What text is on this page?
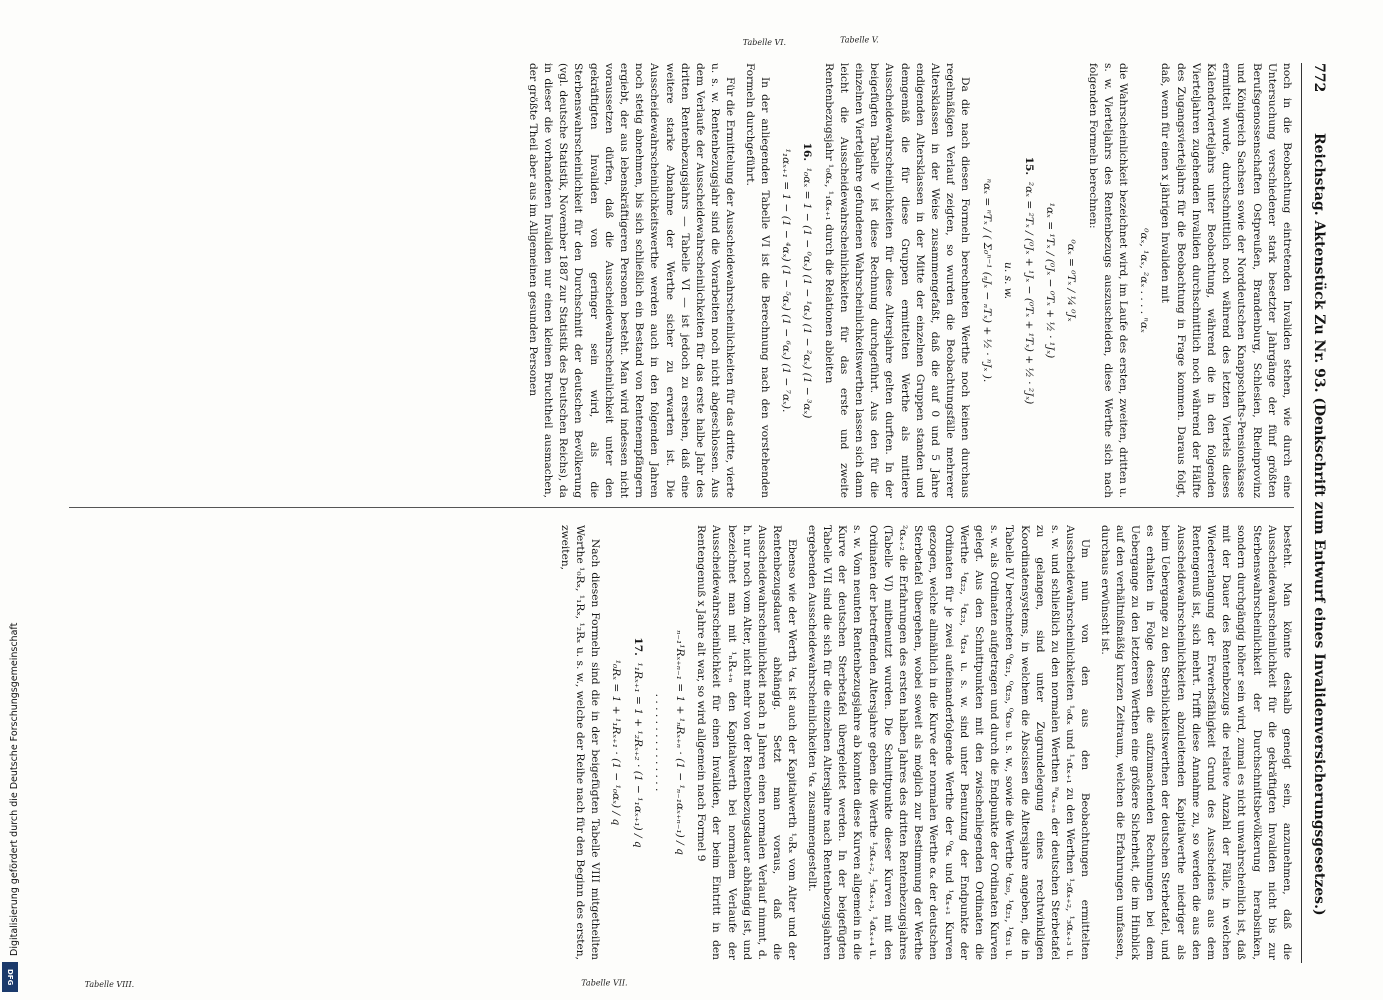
772
Reichstag. Aktenstück Zu Nr. 93. (Denkschrift zum Entwurf eines Invalidenversicherungsgesetzes.)

noch in die Beobachtung eintretenden Invaliden stehen, wie durch eine Untersuchung verschiedener stark besetzter Jahrgänge der fünf größten Berufsgenossenschaften Ostpreußen, Brandenburg, Schlesien, Rheinprovinz und Königreich Sachsen sowie der Norddeutschen Knappschafts-Pensionskasse ermittelt wurde, durchschnittlich noch während des letzten Viertels dieses Kalendervierteljahrs unter Beobachtung, während die in den folgenden Vierteljahren zugehenden Invaliden durchschnittlich noch während der Hälfte des Zugangsvierteljahrs für die Beobachtung in Frage kommen. Daraus folgt, daß, wenn für einen x jährigen Invaliden mit

⁰αₓ, ¹αₓ, ²αₓ . . . . ⁿαₓ

die Wahrscheinlichkeit bezeichnet wird, im Laufe des ersten, zweiten, dritten u. s. w. Vierteljahrs des Rentenbezugs auszuscheiden, diese Werthe sich nach folgenden Formeln berechnen:

⁰αₓ = ⁰Tₓ / ¼ ⁰Jₓ
¹αₓ = ¹Tₓ / (⁰Jₓ − ⁰Tₓ + ½ · ¹Jₓ)
15.  ²αₓ = ²Tₓ / (⁰Jₓ + ¹Jₓ − (⁰Tₓ + ¹Tₓ) + ½ · ²Jₓ)
u. s. w.
ⁿαₓ = ⁿTₓ / ( Σ₀ⁿ⁻¹ (ₙJₓ − ₙTₓ) + ½ · ⁿJₓ ).

Da die nach diesen Formeln berechneten Werthe noch keinen durchaus regelmäßigen Verlauf zeigten, so wurden die Beobachtungsfälle mehrerer Altersklassen in der Weise zusammengefaßt, daß die auf 0 und 5 Jahre endigenden Altersklassen in der Mitte der einzelnen Gruppen standen und demgemäß die für diese Gruppen ermittelten Werthe als mittlere Ausscheidewahrscheinlichkeiten für diese Altersjahre gelten durften. In der beigefügten Tabelle V ist diese Rechnung durchgeführt. Aus den für die einzelnen Vierteljahre gefundenen Wahrscheinlichkeitswerthen lassen sich dann leicht die Ausscheidewahrscheinlichkeiten für das erste und zweite Rentenbezugsjahr ¹₀αₓ, ¹₁αₓ₊₁ durch die Relationen ableiten

16.  ¹₀αₓ = 1 − (1 − ⁰αₓ) (1 − ¹αₓ) (1 − ²αₓ) (1 − ³αₓ)
¹₁αₓ₊₁ = 1 − (1 − ⁴αₓ) (1 − ⁵αₓ) (1 − ⁶αₓ) (1 − ⁷αₓ).

In der anliegenden Tabelle VI ist die Berechnung nach den vorstehenden Formeln durchgeführt.

Für die Ermittelung der Ausscheidewahrscheinlichkeiten für das dritte, vierte u. s. w. Rentenbezugsjahr sind die Vorarbeiten noch nicht abgeschlossen. Aus dem Verlaufe der Ausscheidewahrscheinlichkeiten für das erste halbe Jahr des dritten Rentenbezugsjahrs — Tabelle VI — ist jedoch zu ersehen, daß eine weitere starke Abnahme der Werthe sicher zu erwarten ist. Die Ausscheidewahrscheinlichkeitswerthe werden auch in den folgenden Jahren noch stetig abnehmen, bis sich schließlich ein Bestand von Rentenempfängern ergiebt, der aus lebenskräftigeren Personen besteht. Man wird indessen nicht voraussetzen dürfen, daß die Ausscheidewahrscheinlichkeit unter den gekräftigten Invaliden von geringer sein wird, als die Sterbenswahrscheinlichkeit für den Durchschnitt der deutschen Bevölkerung (vgl. deutsche Statistik, November 1887 zur Statistik des Deutschen Reichs), da in dieser die vorhandenen Invaliden nur einen kleinen Bruchtheil ausmachen, der größte Theil aber aus im Allgemeinen gesunden Personen

Tabelle V.
Tabelle VI.

besteht. Man könnte deshalb geneigt sein, anzunehmen, daß die Ausscheidewahrscheinlichkeit für die gekräftigten Invaliden nicht bis zur Sterbenswahrscheinlichkeit der Durchschnittsbevölkerung herabsinken, sondern durchgängig höher sein wird, zumal es nicht unwahrscheinlich ist, daß mit der Dauer des Rentenbezugs die relative Anzahl der Fälle, in welchen Wiedererlangung der Erwerbsfähigkeit Grund des Ausscheidens aus dem Rentengenuß ist, sich mehrt. Trifft diese Annahme zu, so werden die aus den Ausscheidewahrscheinlichkeiten abzuleitenden Kapitalwerthe niedriger als beim Uebergange zu den Sterblichkeitswerthen der deutschen Sterbetafel, und es erhalten in Folge dessen die aufzumachenden Rechnungen bei dem Uebergange zu den letzteren Werthen eine größere Sicherheit, die im Hinblick auf den verhältnißmäßig kurzen Zeitraum, welchen die Erfahrungen umfassen, durchaus erwünscht ist.

Um nun von den aus den Beobachtungen ermittelten Ausscheidewahrscheinlichkeiten ¹₀αₓ und ¹₁αₓ₊₁ zu den Werthen ¹₂αₓ₊₂, ¹₃αₓ₊₃ u. s. w. und schließlich zu den normalen Werthen ⁿαₓ₊ₙ der deutschen Sterbetafel zu gelangen, sind unter Zugrundelegung eines rechtwinkligen Koordinatensystems, in welchem die Abscissen die Altersjahre angeben, die in Tabelle IV berechneten ⁰α₂₁, ⁰α₂₅, ⁰α₃₀ u. s. w., sowie die Werthe ¹α₂₀, ¹α₂₁, ¹α₃₁ u. s. w. als Ordinaten aufgetragen und durch die Endpunkte der Ordinaten Kurven gelegt. Aus den Schnittpunkten mit den zwischenliegenden Ordinaten die Werthe ¹α₂₂, ¹α₂₃, ¹α₂₄ u. s. w. sind unter Benutzung der Endpunkte der Ordinaten für je zwei aufeinanderfolgende Werthe der ⁰αₓ und ¹αₓ₊₁ Kurven gezogen, welche allmählich in die Kurve der normalen Werthe αₓ der deutschen Sterbetafel übergehen, wobei soweit als möglich zur Bestimmung der Werthe ²αₓ₊₂ die Erfahrungen des ersten halben Jahres des dritten Rentenbezugsjahres (Tabelle VI) mitbenutzt wurden. Die Schnittpunkte dieser Kurven mit den Ordinaten der betreffenden Altersjahre geben die Werthe ¹₂αₓ₊₂, ¹₃αₓ₊₃, ¹₄αₓ₊₄ u. s. w. Vom neunten Rentenbezugsjahre ab konnten diese Kurven allgemein in die Kurve der deutschen Sterbetafel übergeleitet werden. In der beigefügten Tabelle VII sind die sich für die einzelnen Altersjahre nach Rentenbezugsjahren ergebenden Ausscheidewahrscheinlichkeiten ¹αₓ zusammengestellt.

Ebenso wie der Werth ¹αₓ ist auch der Kapitalwerth ¹₀Rₓ vom Alter und der Rentenbezugsdauer abhängig. Setzt man voraus, daß die Ausscheidewahrscheinlichkeit nach n Jahren einen normalen Verlauf nimmt, d. h. nur noch vom Alter, nicht mehr von der Rentenbezugsdauer abhängig ist, und bezeichnet man mit ¹ₙRₓ₊ₙ den Kapitalwerth bei normalem Verlaufe der Ausscheidewahrscheinlichkeit für einen Invaliden, der beim Eintritt in den Rentengenuß x Jahre alt war, so wird allgemein nach Formel 9

ₙ₋₁¹Rₓ₊ₙ₋₁ = 1 + ¹ₙRₓ₊ₙ · (1 − ¹ₙ₋₁αₓ₊ₙ₋₁) / q
. . . . . . . . . . . . . . .
17.  ¹₁Rₓ₊₁ = 1 + ¹₂Rₓ₊₂ · (1 − ¹₁αₓ₊₁) / q
¹₀Rₓ = 1 + ¹₁Rₓ₊₁ · (1 − ¹₀αₓ) / q

Nach diesen Formeln sind die in der beigefügten Tabelle VIII mitgetheilten Werthe ¹₀Rₓ, ¹₁Rₓ, ¹₂Rₓ u. s. w., welche der Reihe nach für den Beginn des ersten, zweiten,

Tabelle VII.
Tabelle VIII.
Digitalisierung gefördert durch die Deutsche Forschungsgemeinschaft
DFG
